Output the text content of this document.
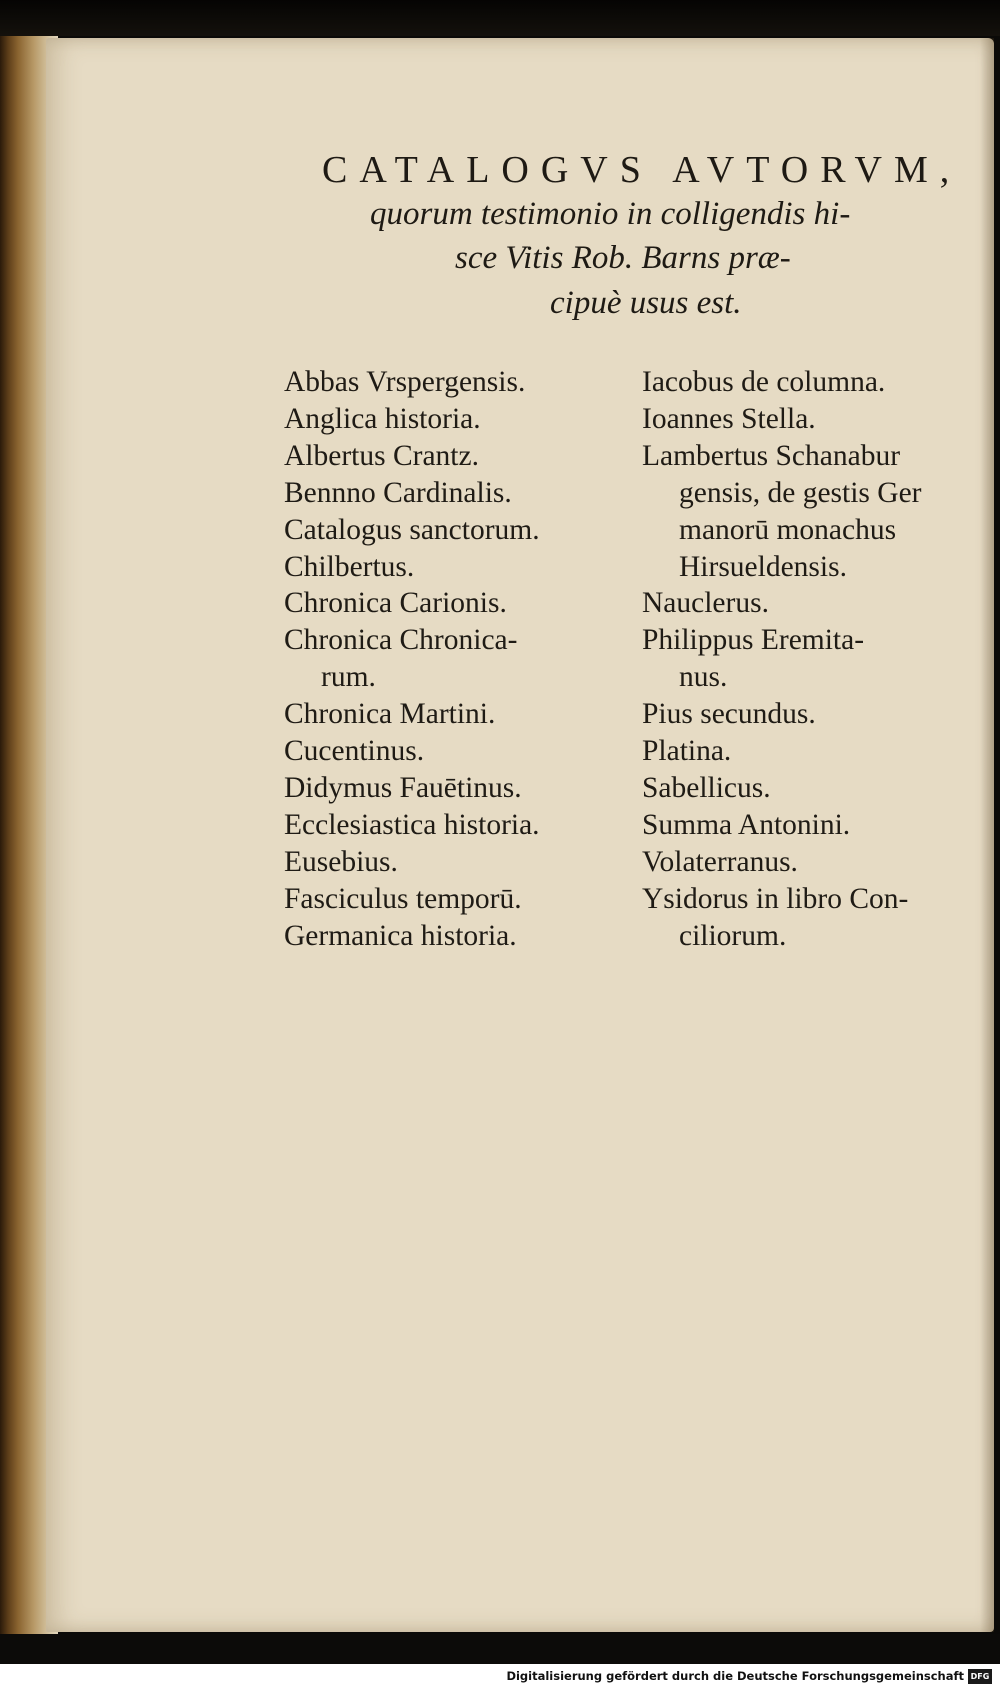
CATALOGVS AVTORVM,
quorum testimonio in colligendis hi-
sce Vitis Rob. Barns præ-
cipuè usus est.
Abbas Vrspergensis.
Anglica historia.
Albertus Crantz.
Bennno Cardinalis.
Catalogus sanctorum.
Chilbertus.
Chronica Carionis.
Chronica Chronica-
rum.
Chronica Martini.
Cucentinus.
Didymus Fauētinus.
Ecclesiastica historia.
Eusebius.
Fasciculus temporū.
Germanica historia.
Iacobus de columna.
Ioannes Stella.
Lambertus Schanabur
gensis, de gestis Ger
manorū monachus
Hirsueldensis.
Nauclerus.
Philippus Eremita-
nus.
Pius secundus.
Platina.
Sabellicus.
Summa Antonini.
Volaterranus.
Ysidorus in libro Con-
ciliorum.
Digitalisierung gefördert durch die Deutsche Forschungsgemeinschaft DFG
